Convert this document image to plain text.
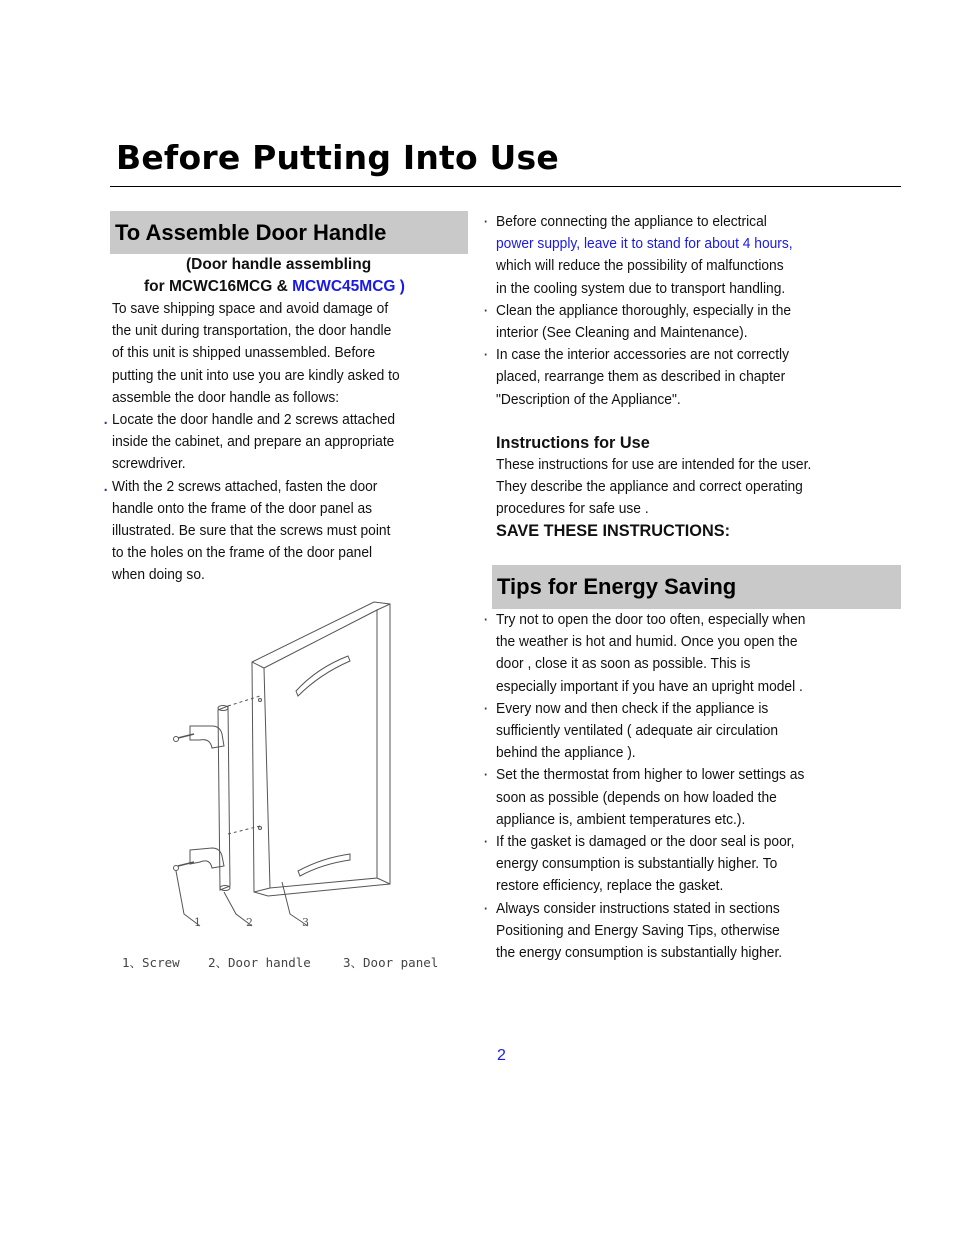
Before Putting Into Use
To Assemble Door Handle
(Door handle assembling
for MCWC16MCG & MCWC45MCG )

To save shipping space and avoid damage of

the unit during transportation, the door handle

of this unit is shipped unassembled. Before

putting the unit into use you are kindly asked to

assemble the door handle as follows:

. Locate the door handle and 2 screws attached

inside the cabinet, and prepare an appropriate

screwdriver.

. With the 2 screws attached, fasten the door

handle onto the frame of the door panel as

illustrated. Be sure that the screws must point

to the holes on the frame of the door panel

when doing so.

1	2	3
1、Screw 2、Door handle	3、Door panel
· Before connecting the appliance to electrical

power supply, leave it to stand for about 4 hours,

which will reduce the possibility of malfunctions

in the cooling system due to transport handling.

· Clean the appliance thoroughly, especially in the

interior (See Cleaning and Maintenance).

· In case the interior accessories are not correctly

placed, rearrange them as described in chapter

"Description of the Appliance".

Instructions for Use

These instructions for use are intended for the user.

They describe the appliance and correct operating

procedures for safe use .

SAVE THESE INSTRUCTIONS:

Tips for Energy Saving
· Try not to open the door too often, especially when

the weather is hot and humid. Once you open the

door , close it as soon as possible. This is

especially important if you have an upright model .

· Every now and then check if the appliance is

sufficiently ventilated ( adequate air circulation

behind the appliance ).

· Set the thermostat from higher to lower settings as

soon as possible (depends on how loaded the

appliance is, ambient temperatures etc.).

· If the gasket is damaged or the door seal is poor,

energy consumption is substantially higher. To

restore efficiency, replace the gasket.

· Always consider instructions stated in sections

Positioning and Energy Saving Tips, otherwise

the energy consumption is substantially higher.

2
